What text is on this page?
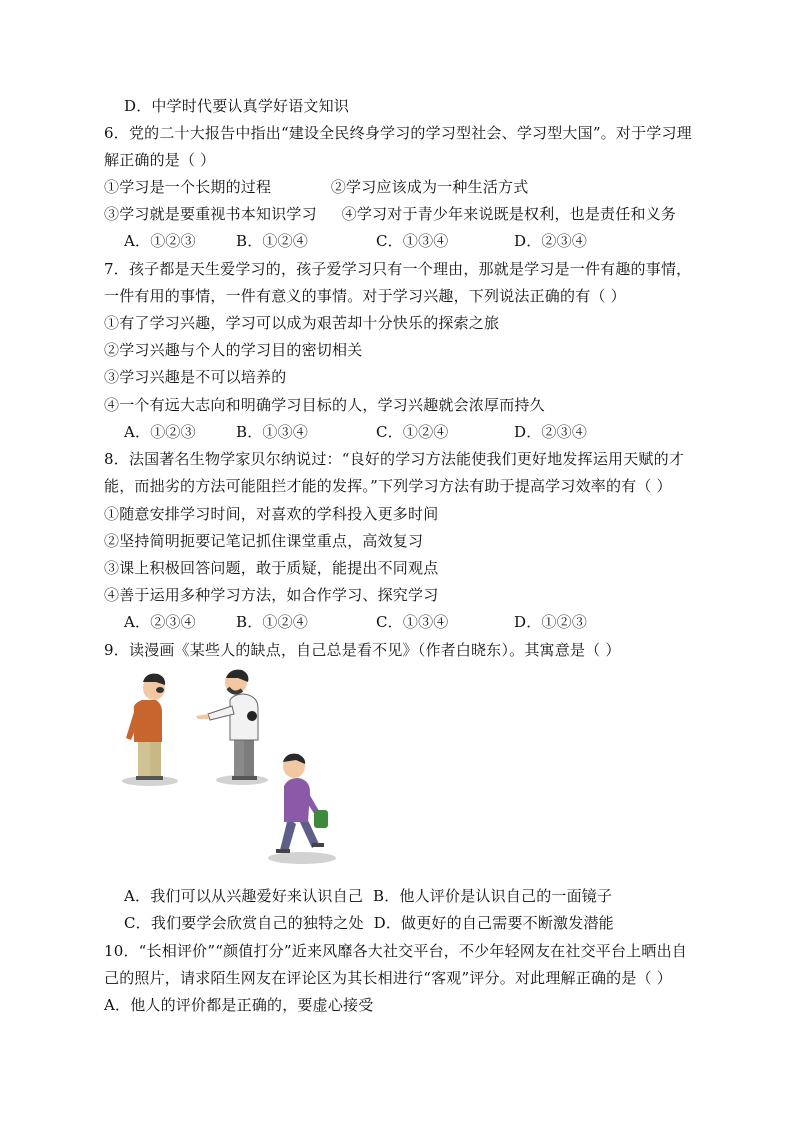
D．中学时代要认真学好语文知识
6．党的二十大报告中指出“建设全民终身学习的学习型社会、学习型大国”。对于学习理
解正确的是（ ）
①学习是一个长期的过程            ②学习应该成为一种生活方式
③学习就是要重视书本知识学习     ④学习对于青少年来说既是权利，也是责任和义务
A．①②③	B．①②④	C．①③④	D．②③④
7．孩子都是天生爱学习的，孩子爱学习只有一个理由，那就是学习是一件有趣的事情，
一件有用的事情，一件有意义的事情。对于学习兴趣，下列说法正确的有（ ）
①有了学习兴趣，学习可以成为艰苦却十分快乐的探索之旅
②学习兴趣与个人的学习目的密切相关
③学习兴趣是不可以培养的
④一个有远大志向和明确学习目标的人，学习兴趣就会浓厚而持久
A．①②③	B．①③④	C．①②④	D．②③④
8．法国著名生物学家贝尔纳说过：“良好的学习方法能使我们更好地发挥运用天赋的才
能，而拙劣的方法可能阻拦才能的发挥。”下列学习方法有助于提高学习效率的有（ ）
①随意安排学习时间，对喜欢的学科投入更多时间
②坚持简明扼要记笔记抓住课堂重点，高效复习
③课上积极回答问题，敢于质疑，能提出不同观点
④善于运用多种学习方法，如合作学习、探究学习
A．②③④	B．①②④	C．①③④	D．①②③
9．读漫画《某些人的缺点，自己总是看不见》（作者白晓东）。其寓意是（ ）
A．我们可以从兴趣爱好来认识自己  B．他人评价是认识自己的一面镜子
C．我们要学会欣赏自己的独特之处  D．做更好的自己需要不断激发潜能
10．“长相评价”“颜值打分”近来风靡各大社交平台，不少年轻网友在社交平台上晒出自
己的照片，请求陌生网友在评论区为其长相进行“客观”评分。对此理解正确的是（ ）
A．他人的评价都是正确的，要虚心接受
